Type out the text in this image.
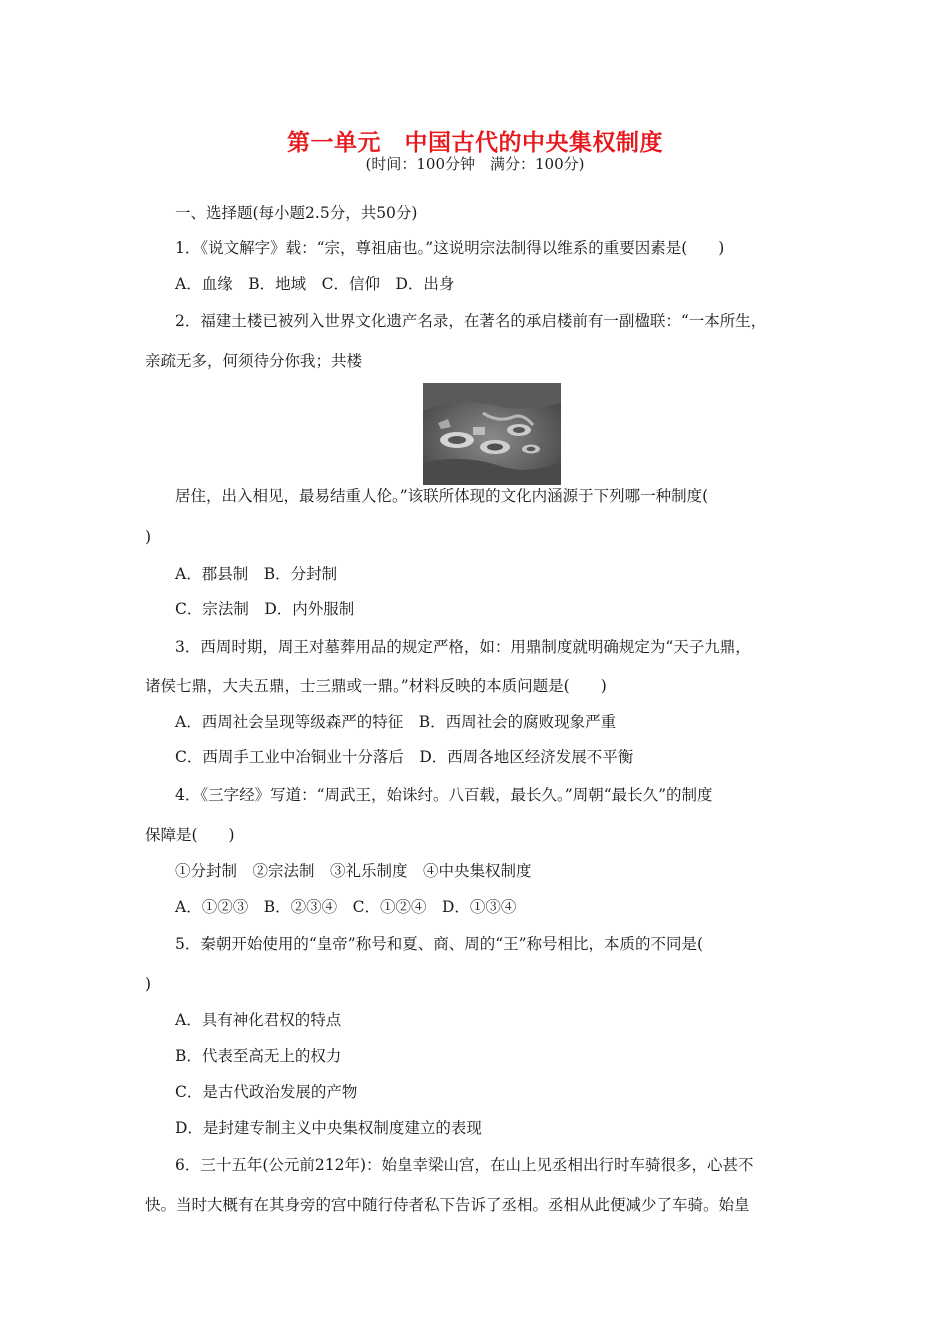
第一单元　中国古代的中央集权制度
(时间：100分钟　满分：100分)
一、选择题(每小题2.5分，共50分)
1．《说文解字》载：“宗，尊祖庙也。”这说明宗法制得以维系的重要因素是(　　)
A．血缘　B．地域　C．信仰　D．出身
2．福建土楼已被列入世界文化遗产名录，在著名的承启楼前有一副楹联：“一本所生，
亲疏无多，何须待分你我；共楼
居住，出入相见，最易结重人伦。”该联所体现的文化内涵源于下列哪一种制度(
)
A．郡县制　B．分封制
C．宗法制　D．内外服制
3．西周时期，周王对墓葬用品的规定严格，如：用鼎制度就明确规定为“天子九鼎，
诸侯七鼎，大夫五鼎，士三鼎或一鼎。”材料反映的本质问题是(　　)
A．西周社会呈现等级森严的特征　B．西周社会的腐败现象严重
C．西周手工业中冶铜业十分落后　D．西周各地区经济发展不平衡
4．《三字经》写道：“周武王，始诛纣。八百载，最长久。”周朝“最长久”的制度
保障是(　　)
①分封制　②宗法制　③礼乐制度　④中央集权制度
A．①②③　B．②③④　C．①②④　D．①③④
5．秦朝开始使用的“皇帝”称号和夏、商、周的“王”称号相比，本质的不同是(
)
A．具有神化君权的特点
B．代表至高无上的权力
C．是古代政治发展的产物
D．是封建专制主义中央集权制度建立的表现
6．三十五年(公元前212年)：始皇幸梁山宫，在山上见丞相出行时车骑很多，心甚不
快。当时大概有在其身旁的宫中随行侍者私下告诉了丞相。丞相从此便减少了车骑。始皇
